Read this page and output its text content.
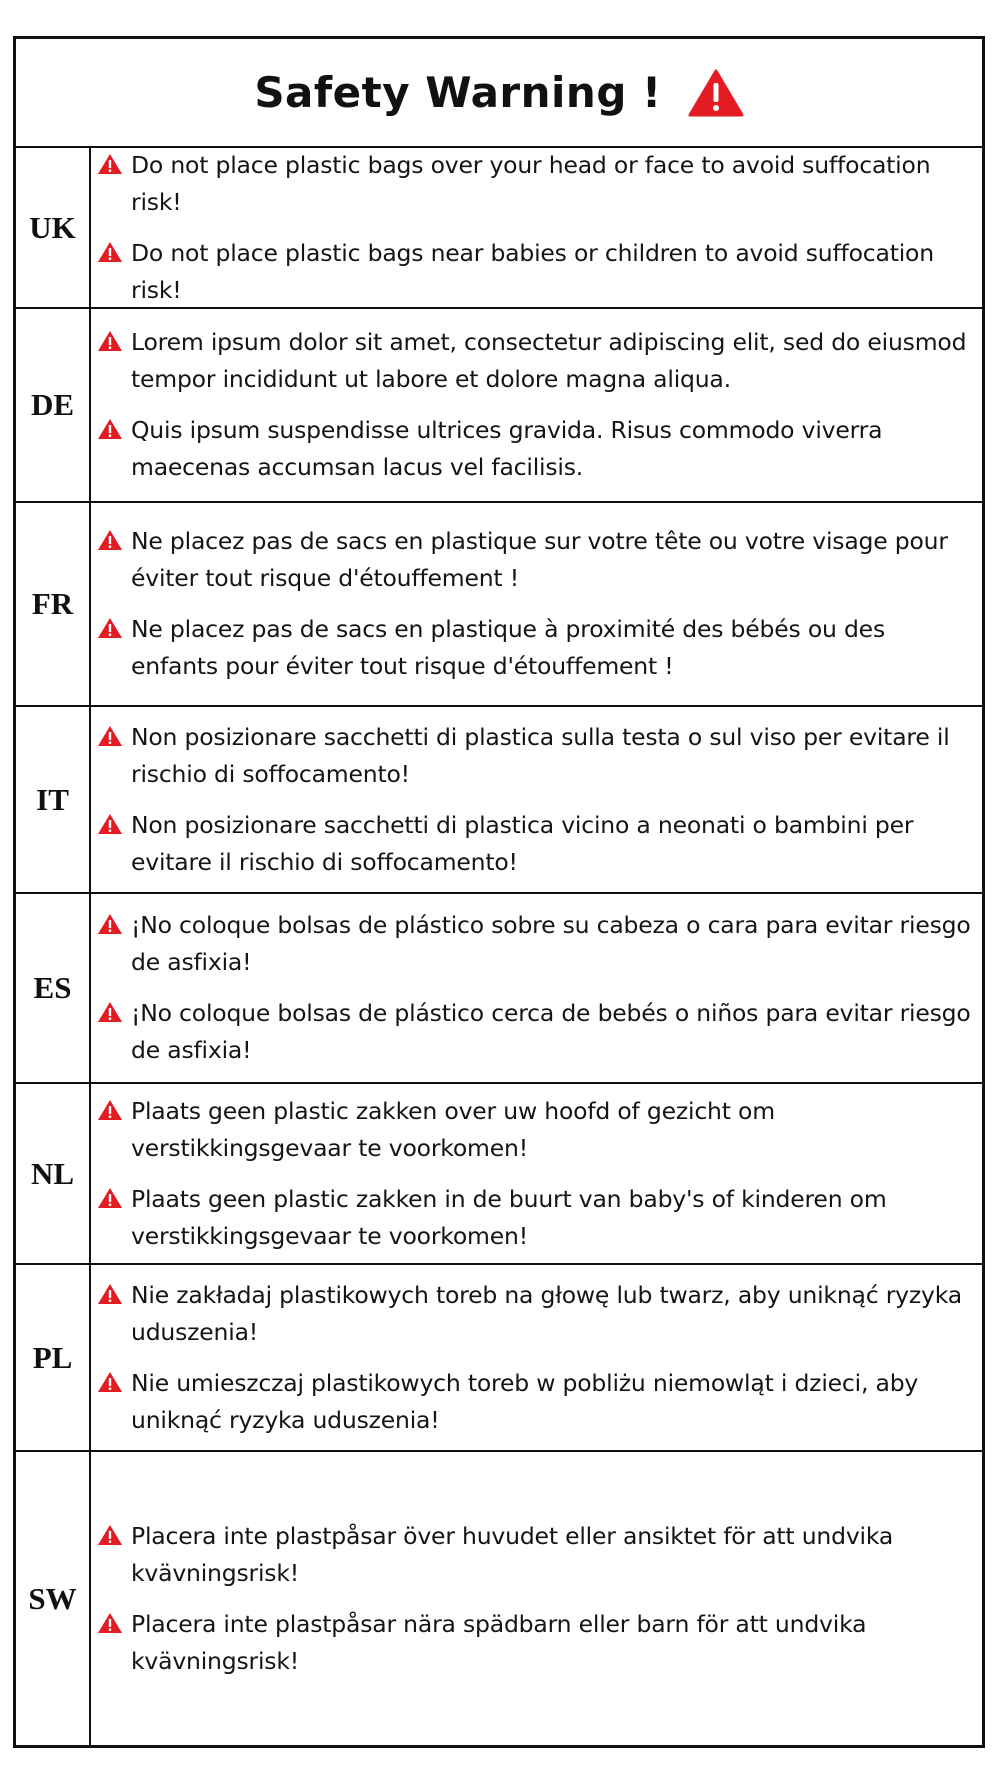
Safety Warning !
UK
Do not place plastic bags over your head or face to avoid suffocation risk!
Do not place plastic bags near babies or children to avoid suffocation risk!
DE
Lorem ipsum dolor sit amet, consectetur adipiscing elit, sed do eiusmod tempor incididunt ut labore et dolore magna aliqua.
Quis ipsum suspendisse ultrices gravida. Risus commodo viverra maecenas accumsan lacus vel facilisis.
FR
Ne placez pas de sacs en plastique sur votre tête ou votre visage pour éviter tout risque d'étouffement !
Ne placez pas de sacs en plastique à proximité des bébés ou des enfants pour éviter tout risque d'étouffement !
IT
Non posizionare sacchetti di plastica sulla testa o sul viso per evitare il rischio di soffocamento!
Non posizionare sacchetti di plastica vicino a neonati o bambini per evitare il rischio di soffocamento!
ES
¡No coloque bolsas de plástico sobre su cabeza o cara para evitar riesgo de asfixia!
¡No coloque bolsas de plástico cerca de bebés o niños para evitar riesgo de asfixia!
NL
Plaats geen plastic zakken over uw hoofd of gezicht om verstikkingsgevaar te voorkomen!
Plaats geen plastic zakken in de buurt van baby's of kinderen om verstikkingsgevaar te voorkomen!
PL
Nie zakładaj plastikowych toreb na głowę lub twarz, aby uniknąć ryzyka uduszenia!
Nie umieszczaj plastikowych toreb w pobliżu niemowląt i dzieci, aby uniknąć ryzyka uduszenia!
SW
Placera inte plastpåsar över huvudet eller ansiktet för att undvika kvävningsrisk!
Placera inte plastpåsar nära spädbarn eller barn för att undvika kvävningsrisk!
